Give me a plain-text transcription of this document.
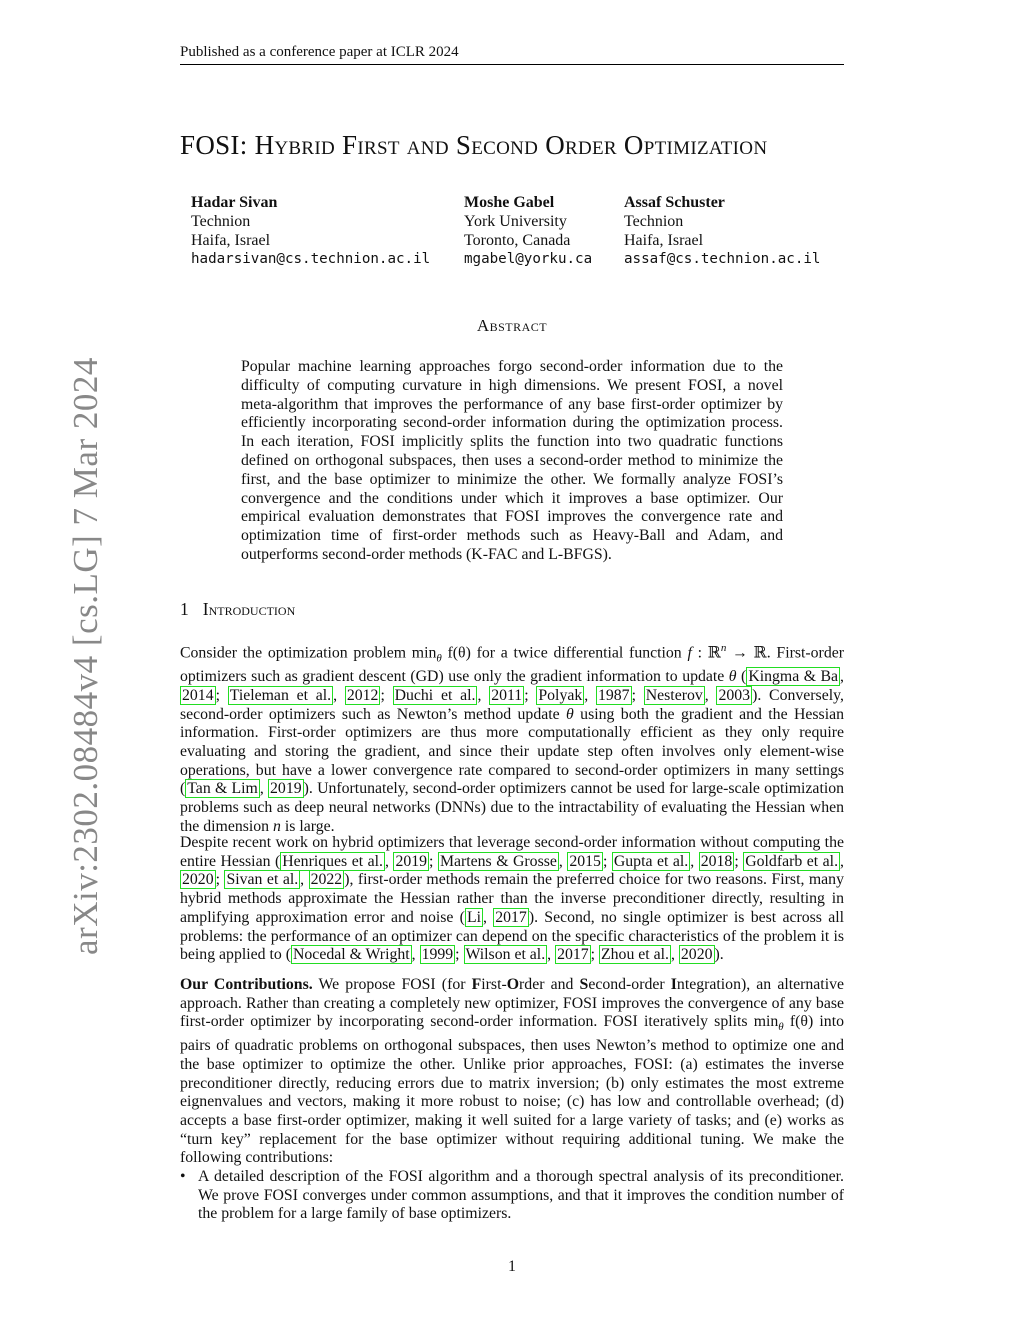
Published as a conference paper at ICLR 2024
arXiv:2302.08484v4 [cs.LG] 7 Mar 2024
FOSI: Hybrid First and Second Order Optimization
Hadar Sivan
Technion
Haifa, Israel
hadarsivan@cs.technion.ac.il
Moshe Gabel
York University
Toronto, Canada
mgabel@yorku.ca
Assaf Schuster
Technion
Haifa, Israel
assaf@cs.technion.ac.il
Abstract
Popular machine learning approaches forgo second-order information due to the difficulty of computing curvature in high dimensions. We present FOSI, a novel meta-algorithm that improves the performance of any base first-order optimizer by efficiently incorporating second-order information during the optimization process. In each iteration, FOSI implicitly splits the function into two quadratic functions defined on orthogonal subspaces, then uses a second-order method to minimize the first, and the base optimizer to minimize the other. We formally analyze FOSI’s convergence and the conditions under which it improves a base optimizer. Our empirical evaluation demonstrates that FOSI improves the convergence rate and optimization time of first-order methods such as Heavy-Ball and Adam, and outperforms second-order methods (K-FAC and L-BFGS).
1 Introduction
Consider the optimization problem $\min_\theta f(\theta)$ for a twice differential function f : ℝ$^n$ → ℝ. First-order optimizers such as gradient descent (GD) use only the gradient information to update θ ( Kingma & Ba , 2014 ; Tieleman et al. , 2012 ; Duchi et al. , 2011 ; Polyak , 1987 ; Nesterov , 2003 ). Conversely, second-order optimizers such as Newton’s method update θ using both the gradient and the Hessian information. First-order optimizers are thus more computationally efficient as they only require evaluating and storing the gradient, and since their update step often involves only element-wise operations, but have a lower convergence rate compared to second-order optimizers in many settings ( Tan & Lim , 2019 ). Unfortunately, second-order optimizers cannot be used for large-scale optimization problems such as deep neural networks (DNNs) due to the intractability of evaluating the Hessian when the dimension n is large.
Despite recent work on hybrid optimizers that leverage second-order information without computing the entire Hessian ( Henriques et al. , 2019 ; Martens & Grosse , 2015 ; Gupta et al. , 2018 ; Goldfarb et al. , 2020 ; Sivan et al. , 2022 ), first-order methods remain the preferred choice for two reasons. First, many hybrid methods approximate the Hessian rather than the inverse preconditioner directly, resulting in amplifying approximation error and noise ( Li , 2017 ). Second, no single optimizer is best across all problems: the performance of an optimizer can depend on the specific characteristics of the problem it is being applied to ( Nocedal & Wright , 1999 ; Wilson et al. , 2017 ; Zhou et al. , 2020 ).
Our Contributions. We propose FOSI (for First-Order and Second-order Integration), an alternative approach. Rather than creating a completely new optimizer, FOSI improves the convergence of any base first-order optimizer by incorporating second-order information. FOSI iteratively splits $\min_\theta f(\theta)$ into pairs of quadratic problems on orthogonal subspaces, then uses Newton’s method to optimize one and the base optimizer to optimize the other. Unlike prior approaches, FOSI: (a) estimates the inverse preconditioner directly, reducing errors due to matrix inversion; (b) only estimates the most extreme eignenvalues and vectors, making it more robust to noise; (c) has low and controllable overhead; (d) accepts a base first-order optimizer, making it well suited for a large variety of tasks; and (e) works as “turn key” replacement for the base optimizer without requiring additional tuning. We make the following contributions:
• A detailed description of the FOSI algorithm and a thorough spectral analysis of its preconditioner. We prove FOSI converges under common assumptions, and that it improves the condition number of the problem for a large family of base optimizers.
1
